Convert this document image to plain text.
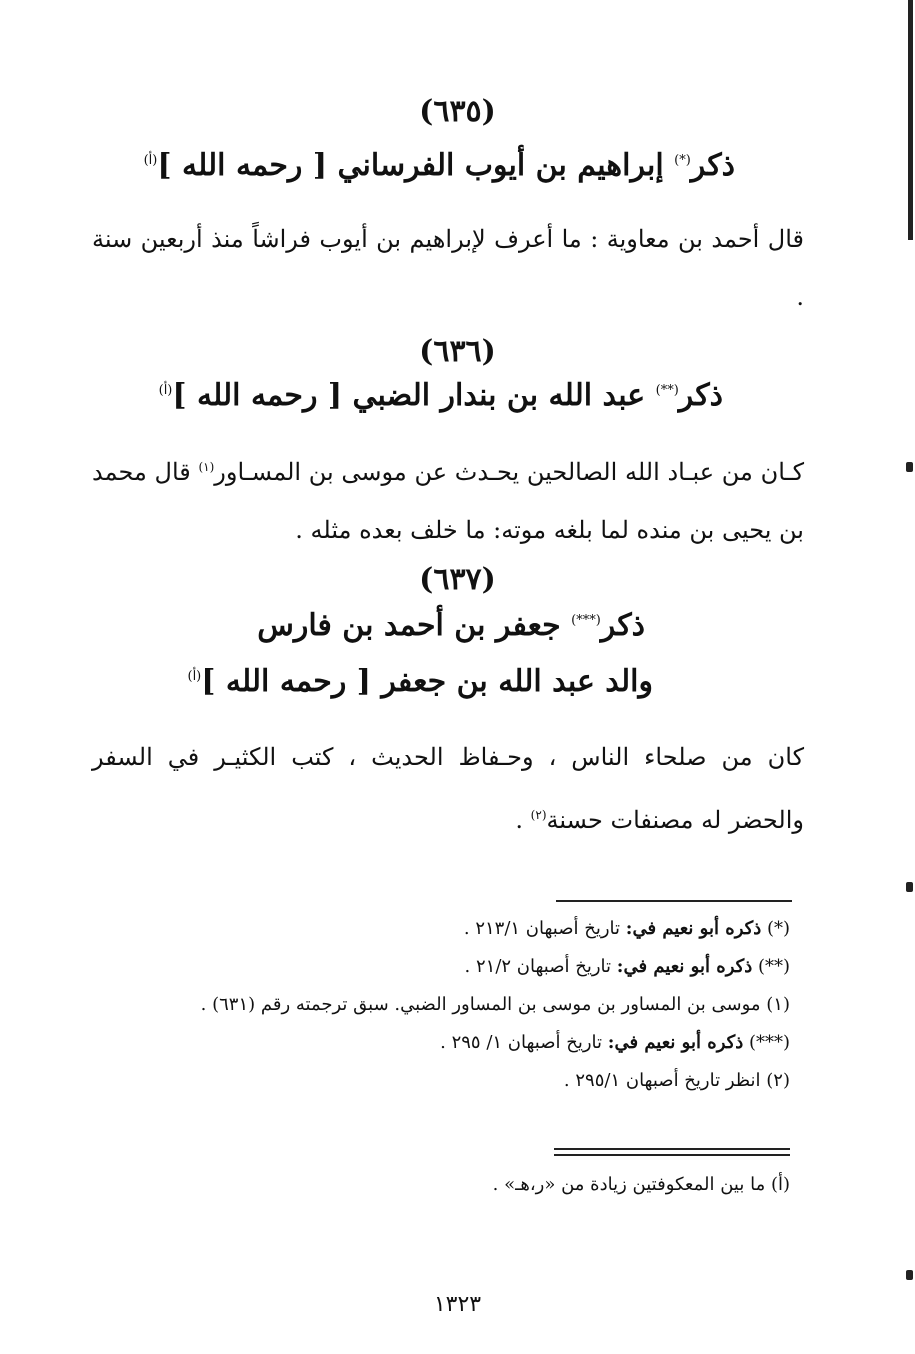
(٦٣٥)
ذكر(*) إبراهيم بن أيوب الفرساني [ رحمه الله ]$^{(أ)}$
قال أحمد بن معاوية : ما أعرف لإبراهيم بن أيوب فراشاً منذ أربعين سنة .
(٦٣٦)
ذكر(**) عبد الله بن بندار الضبي [ رحمه الله ]$^{(أ)}$
كـان من عبـاد الله الصالحين يحـدث عن موسى بن المسـاور$^{(١)}$ قال محمد بن يحيى بن منده لما بلغه موته: ما خلف بعده مثله .
(٦٣٧)
ذكر(***) جعفر بن أحمد بن فارس
والد عبد الله بن جعفر [ رحمه الله ]$^{(أ)}$
كان من صلحاء الناس ، وحـفاظ الحديث ، كتب الكثيـر في السفر والحضر له مصنفات حسنة$^{(٢)}$ .
(*) ذكره أبو نعيم في: تاريخ أصبهان ٢١٣/١ .
(**) ذكره أبو نعيم في: تاريخ أصبهان ٢١/٢ .
(١) موسى بن المساور بن موسى بن المساور الضبي. سبق ترجمته رقم (٦٣١) .
(***) ذكره أبو نعيم في: تاريخ أصبهان ١/ ٢٩٥ .
(٢) انظر تاريخ أصبهان ٢٩٥/١ .
(أ) ما بين المعكوفتين زيادة من «ر،هـ» .
١٣٢٣
